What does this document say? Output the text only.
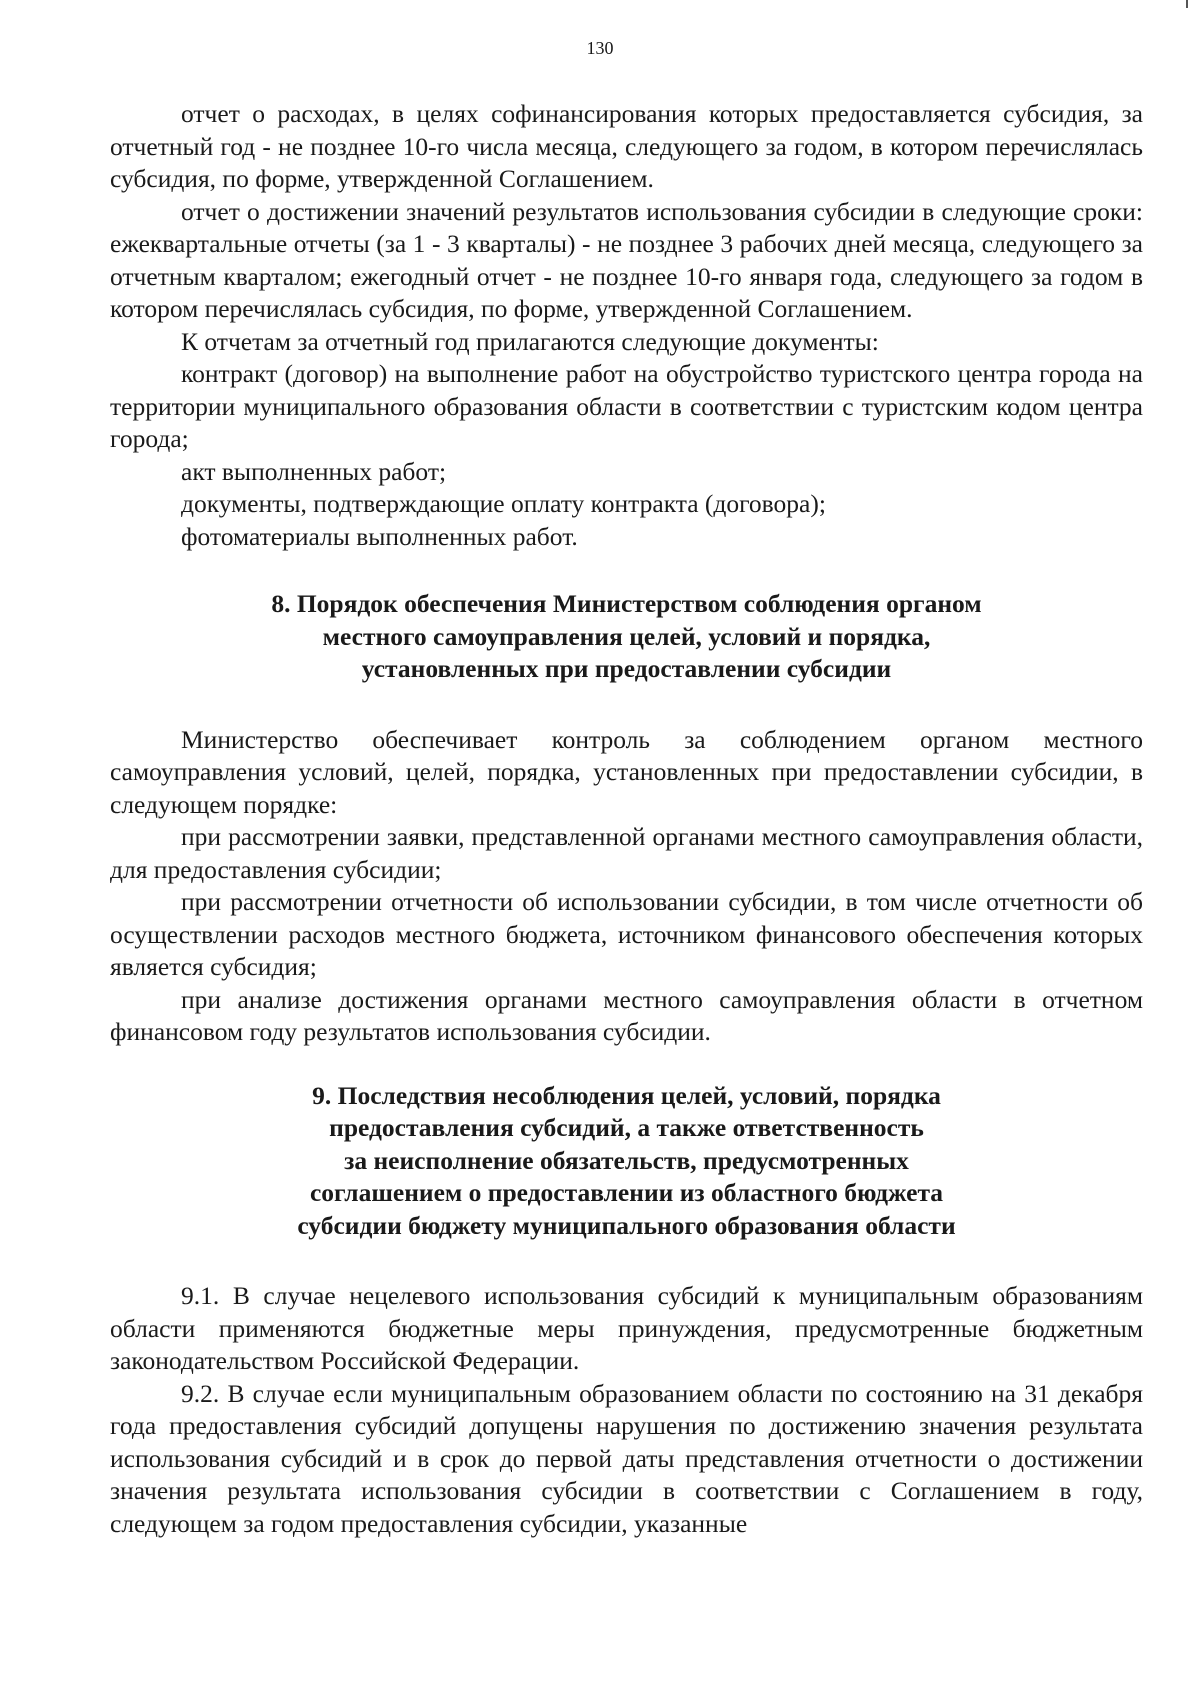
130

отчет о расходах, в целях софинансирования которых предоставляется субсидия, за отчетный год - не позднее 10-го числа месяца, следующего за годом, в котором перечислялась субсидия, по форме, утвержденной Соглашением.

отчет о достижении значений результатов использования субсидии в следующие сроки: ежеквартальные отчеты (за 1 - 3 кварталы) - не позднее 3 рабочих дней месяца, следующего за отчетным кварталом; ежегодный отчет - не позднее 10-го января года, следующего за годом в котором перечислялась субсидия, по форме, утвержденной Соглашением.

К отчетам за отчетный год прилагаются следующие документы:

контракт (договор) на выполнение работ на обустройство туристского центра города на территории муниципального образования области в соответствии с туристским кодом центра города;

акт выполненных работ;

документы, подтверждающие оплату контракта (договора);

фотоматериалы выполненных работ.

8. Порядок обеспечения Министерством соблюдения органом
местного самоуправления целей, условий и порядка,
установленных при предоставлении субсидии

Министерство обеспечивает контроль за соблюдением органом местного самоуправления условий, целей, порядка, установленных при предоставлении субсидии, в следующем порядке:

при рассмотрении заявки, представленной органами местного самоуправления области, для предоставления субсидии;

при рассмотрении отчетности об использовании субсидии, в том числе отчетности об осуществлении расходов местного бюджета, источником финансового обеспечения которых является субсидия;

при анализе достижения органами местного самоуправления области в отчетном финансовом году результатов использования субсидии.

9. Последствия несоблюдения целей, условий, порядка
предоставления субсидий, а также ответственность
за неисполнение обязательств, предусмотренных
соглашением о предоставлении из областного бюджета
субсидии бюджету муниципального образования области

9.1. В случае нецелевого использования субсидий к муниципальным образованиям области применяются бюджетные меры принуждения, предусмотренные бюджетным законодательством Российской Федерации.

9.2. В случае если муниципальным образованием области по состоянию на 31 декабря года предоставления субсидий допущены нарушения по достижению значения результата использования субсидий и в срок до первой даты представления отчетности о достижении значения результата использования субсидии в соответствии с Соглашением в году, следующем за годом предоставления субсидии, указанные
